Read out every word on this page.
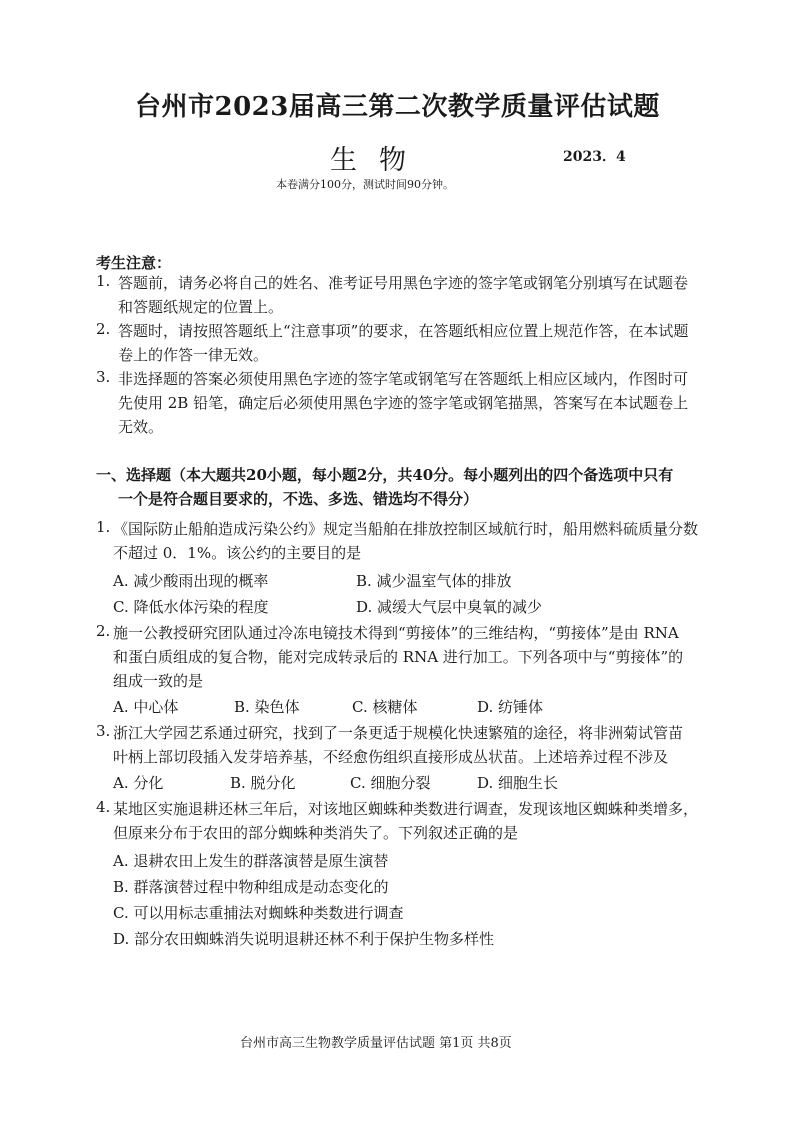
台州市2023届高三第二次教学质量评估试题
生物	2023．4
本卷满分100分，测试时间90分钟。
考生注意：
1. 答题前，请务必将自己的姓名、准考证号用黑色字迹的签字笔或钢笔分别填写在试题卷
和答题纸规定的位置上。
2. 答题时，请按照答题纸上“注意事项”的要求，在答题纸相应位置上规范作答，在本试题
卷上的作答一律无效。
3. 非选择题的答案必须使用黑色字迹的签字笔或钢笔写在答题纸上相应区域内，作图时可
先使用 2B 铅笔，确定后必须使用黑色字迹的签字笔或钢笔描黑，答案写在本试题卷上
无效。
一、选择题（本大题共20小题，每小题2分，共40分。每小题列出的四个备选项中只有
一个是符合题目要求的，不选、多选、错选均不得分）
1. 《国际防止船舶造成污染公约》规定当船舶在排放控制区域航行时，船用燃料硫质量分数
不超过 0．1%。该公约的主要目的是
A. 减少酸雨出现的概率	B. 减少温室气体的排放
C. 降低水体污染的程度	D. 减缓大气层中臭氧的减少
2. 施一公教授研究团队通过冷冻电镜技术得到“剪接体”的三维结构，“剪接体”是由 RNA
和蛋白质组成的复合物，能对完成转录后的 RNA 进行加工。下列各项中与“剪接体”的
组成一致的是
A. 中心体	B. 染色体	C. 核糖体	D. 纺锤体
3. 浙江大学园艺系通过研究，找到了一条更适于规模化快速繁殖的途径，将非洲菊试管苗
叶柄上部切段插入发芽培养基，不经愈伤组织直接形成丛状苗。上述培养过程不涉及
A. 分化	B. 脱分化	C. 细胞分裂	D. 细胞生长
4. 某地区实施退耕还林三年后，对该地区蜘蛛种类数进行调查，发现该地区蜘蛛种类增多，
但原来分布于农田的部分蜘蛛种类消失了。下列叙述正确的是
A. 退耕农田上发生的群落演替是原生演替
B. 群落演替过程中物种组成是动态变化的
C. 可以用标志重捕法对蜘蛛种类数进行调查
D. 部分农田蜘蛛消失说明退耕还林不利于保护生物多样性
台州市高三生物教学质量评估试题 第1页 共8页
